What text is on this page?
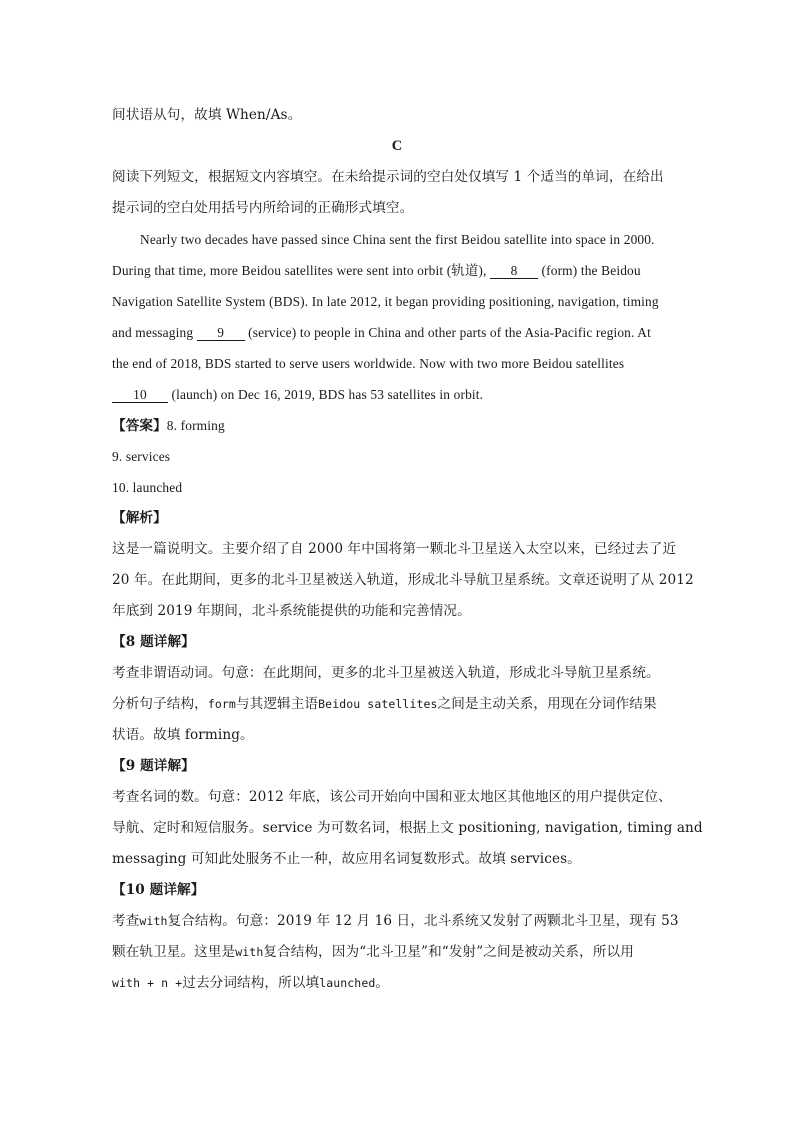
间状语从句，故填 When/As。
C
阅读下列短文，根据短文内容填空。在未给提示词的空白处仅填写 1 个适当的单词，在给出
提示词的空白处用括号内所给词的正确形式填空。
Nearly two decades have passed since China sent the first Beidou satellite into space in 2000.
During that time, more Beidou satellites were sent into orbit (轨道), 8 (form) the Beidou
Navigation Satellite System (BDS). In late 2012, it began providing positioning, navigation, timing
and messaging 9 (service) to people in China and other parts of the Asia-Pacific region. At
the end of 2018, BDS started to serve users worldwide. Now with two more Beidou satellites
10 (launch) on Dec 16, 2019, BDS has 53 satellites in orbit.
【答案】8. forming
9. services
10. launched
【解析】
这是一篇说明文。主要介绍了自 2000 年中国将第一颗北斗卫星送入太空以来，已经过去了近
20 年。在此期间，更多的北斗卫星被送入轨道，形成北斗导航卫星系统。文章还说明了从 2012
年底到 2019 年期间，北斗系统能提供的功能和完善情况。
【8 题详解】
考查非谓语动词。句意：在此期间，更多的北斗卫星被送入轨道，形成北斗导航卫星系统。
分析句子结构，form与其逻辑主语Beidou satellites之间是主动关系，用现在分词作结果
状语。故填 forming。
【9 题详解】
考查名词的数。句意：2012 年底，该公司开始向中国和亚太地区其他地区的用户提供定位、
导航、定时和短信服务。service 为可数名词，根据上文 positioning, navigation, timing and
messaging 可知此处服务不止一种，故应用名词复数形式。故填 services。
【10 题详解】
考查with复合结构。句意：2019 年 12 月 16 日，北斗系统又发射了两颗北斗卫星，现有 53
颗在轨卫星。这里是with复合结构，因为“北斗卫星”和“发射”之间是被动关系，所以用
with + n +过去分词结构，所以填launched。
